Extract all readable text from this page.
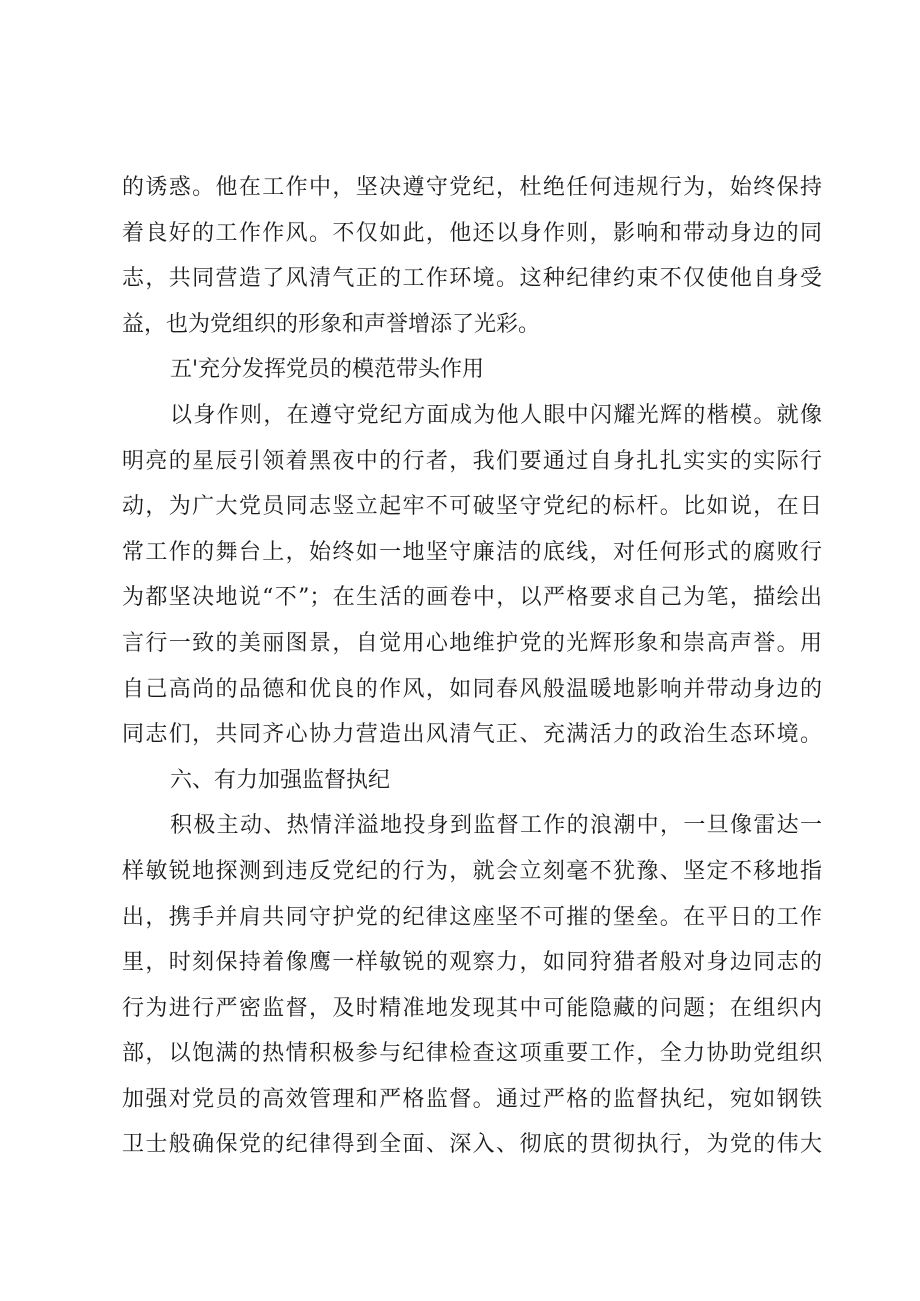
的诱惑。他在工作中，坚决遵守党纪，杜绝任何违规行为，始终保持
着良好的工作作风。不仅如此，他还以身作则，影响和带动身边的同
志，共同营造了风清气正的工作环境。这种纪律约束不仅使他自身受
益，也为党组织的形象和声誉增添了光彩。
五'充分发挥党员的模范带头作用
以身作则，在遵守党纪方面成为他人眼中闪耀光辉的楷模。就像
明亮的星辰引领着黑夜中的行者，我们要通过自身扎扎实实的实际行
动，为广大党员同志竖立起牢不可破坚守党纪的标杆。比如说，在日
常工作的舞台上，始终如一地坚守廉洁的底线，对任何形式的腐败行
为都坚决地说“不”；在生活的画卷中，以严格要求自己为笔，描绘出
言行一致的美丽图景，自觉用心地维护党的光辉形象和崇高声誉。用
自己高尚的品德和优良的作风，如同春风般温暖地影响并带动身边的
同志们，共同齐心协力营造出风清气正、充满活力的政治生态环境。
六、有力加强监督执纪
积极主动、热情洋溢地投身到监督工作的浪潮中，一旦像雷达一
样敏锐地探测到违反党纪的行为，就会立刻毫不犹豫、坚定不移地指
出，携手并肩共同守护党的纪律这座坚不可摧的堡垒。在平日的工作
里，时刻保持着像鹰一样敏锐的观察力，如同狩猎者般对身边同志的
行为进行严密监督，及时精准地发现其中可能隐藏的问题；在组织内
部，以饱满的热情积极参与纪律检查这项重要工作，全力协助党组织
加强对党员的高效管理和严格监督。通过严格的监督执纪，宛如钢铁
卫士般确保党的纪律得到全面、深入、彻底的贯彻执行，为党的伟大
